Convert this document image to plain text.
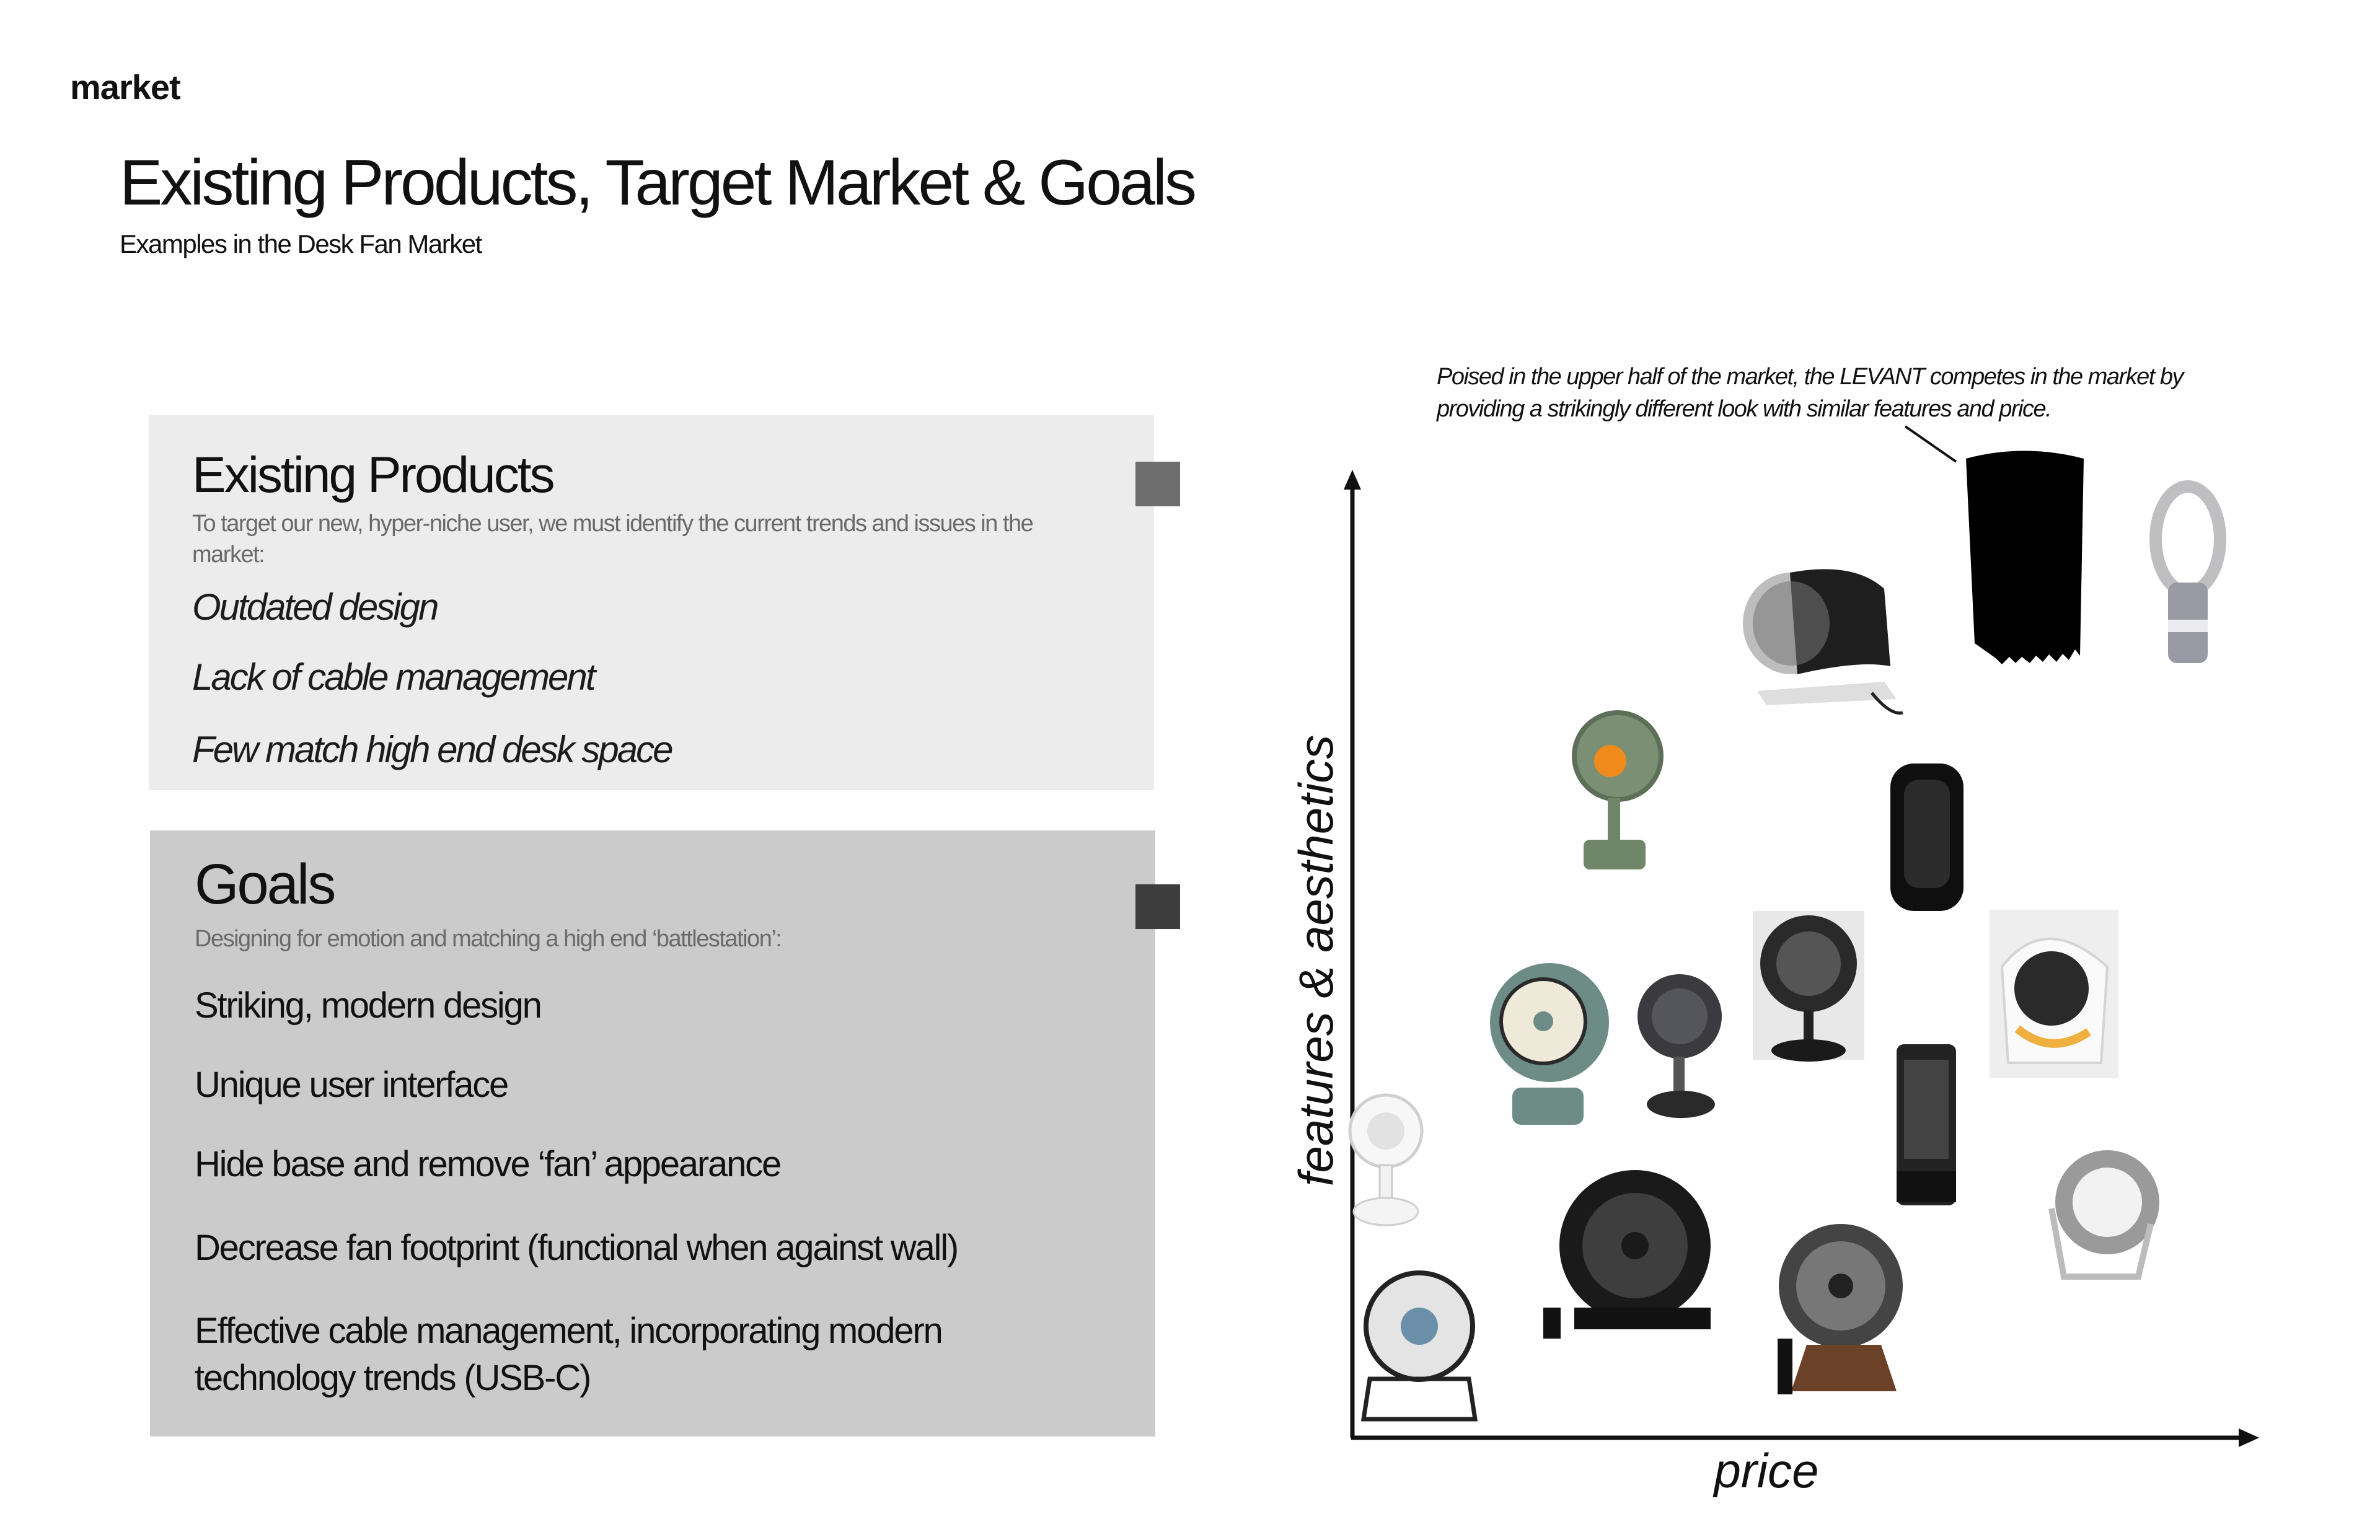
market
Existing Products, Target Market & Goals
Examples in the Desk Fan Market
Existing Products
To target our new, hyper-niche user, we must identify the current trends and issues in the market:
Outdated design
Lack of cable management
Few match high end desk space
Goals
Designing for emotion and matching a high end ‘battlestation’:
Striking, modern design
Unique user interface
Hide base and remove ‘fan’ appearance
Decrease fan footprint (functional when against wall)
Effective cable management, incorporating modern technology trends (USB-C)
Poised in the upper half of the market, the LEVANT competes in the market by providing a strikingly different look with similar features and price.
price
features & aesthetics
